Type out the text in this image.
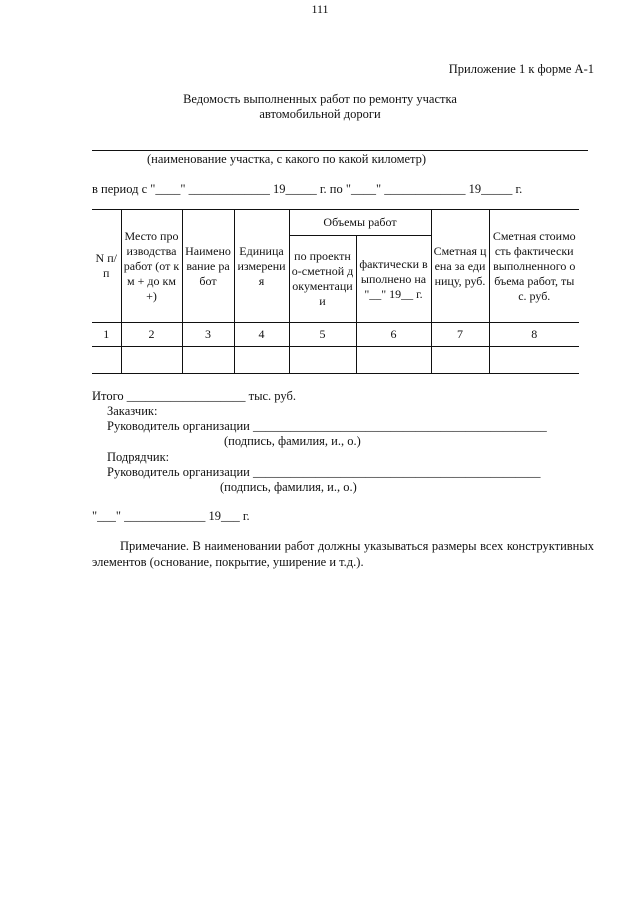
111
Приложение 1 к форме А-1
Ведомость выполненных работ по ремонту участка
автомобильной дороги
(наименование участка, с какого по какой километр)
в период с "____" _____________ 19_____ г. по "____" _____________ 19_____ г.
N п/п	Место производства работ (от км + до км +)	Наименование работ	Единица измерения	Объемы работ		Сметная цена за единицу, руб.	Сметная стоимость фактически выполненного объема работ, тыс. руб.
				по проектно-сметной документации	фактически выполнено на "__" 19__ г.		
1	2	3	4	5	6	7	8

Итого ___________________ тыс. руб.
Заказчик:
Руководитель организации _______________________________________________
(подпись, фамилия, и., о.)
Подрядчик:
Руководитель организации ______________________________________________
(подпись, фамилия, и., о.)
"___" _____________ 19___ г.
Примечание. В наименовании работ должны указываться размеры всех конструктивных элементов (основание, покрытие, уширение и т.д.).
